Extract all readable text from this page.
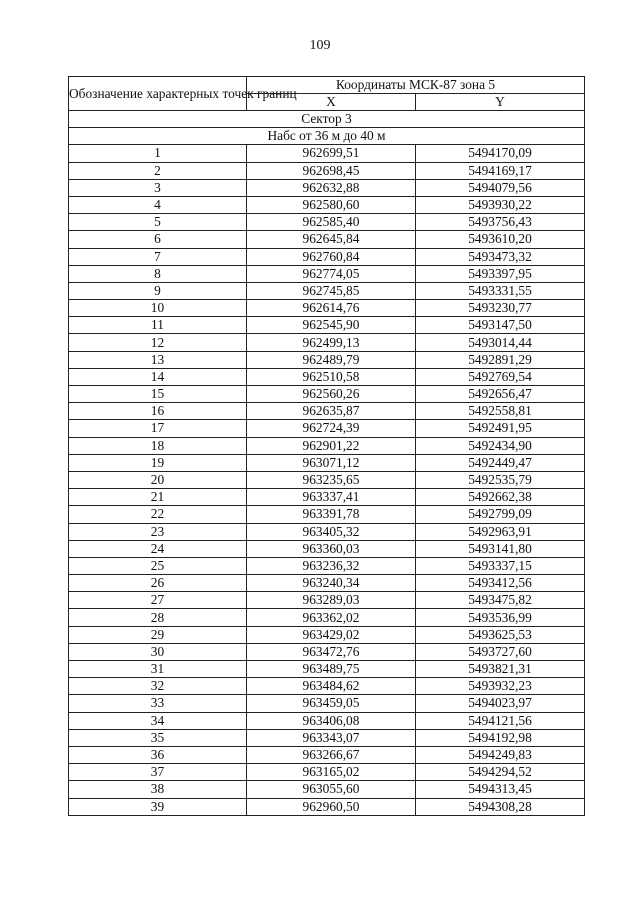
109
Обозначение характерных точек границ	Координаты МСК-87 зона 5	
	X	Y
Сектор 3		
Набс от 36 м до 40 м		
1	962699,51	5494170,09
2	962698,45	5494169,17
3	962632,88	5494079,56
4	962580,60	5493930,22
5	962585,40	5493756,43
6	962645,84	5493610,20
7	962760,84	5493473,32
8	962774,05	5493397,95
9	962745,85	5493331,55
10	962614,76	5493230,77
11	962545,90	5493147,50
12	962499,13	5493014,44
13	962489,79	5492891,29
14	962510,58	5492769,54
15	962560,26	5492656,47
16	962635,87	5492558,81
17	962724,39	5492491,95
18	962901,22	5492434,90
19	963071,12	5492449,47
20	963235,65	5492535,79
21	963337,41	5492662,38
22	963391,78	5492799,09
23	963405,32	5492963,91
24	963360,03	5493141,80
25	963236,32	5493337,15
26	963240,34	5493412,56
27	963289,03	5493475,82
28	963362,02	5493536,99
29	963429,02	5493625,53
30	963472,76	5493727,60
31	963489,75	5493821,31
32	963484,62	5493932,23
33	963459,05	5494023,97
34	963406,08	5494121,56
35	963343,07	5494192,98
36	963266,67	5494249,83
37	963165,02	5494294,52
38	963055,60	5494313,45
39	962960,50	5494308,28
